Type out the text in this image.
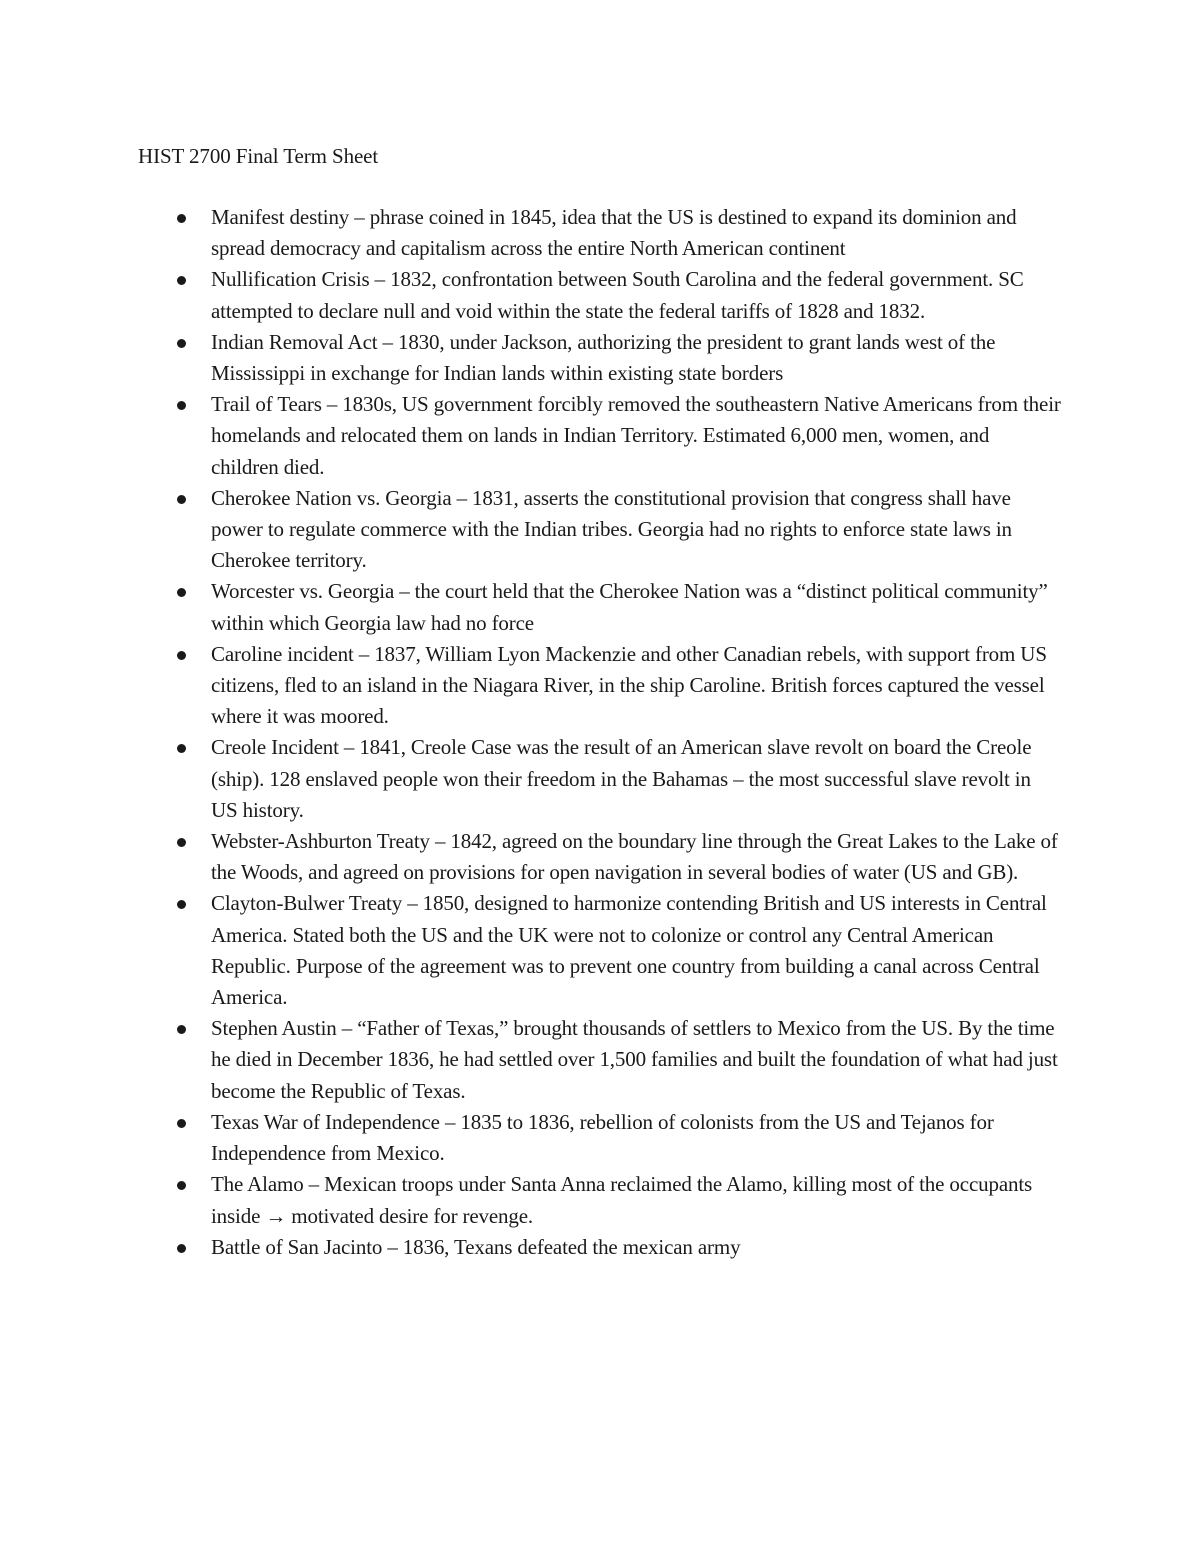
HIST 2700 Final Term Sheet
Manifest destiny – phrase coined in 1845, idea that the US is destined to expand its dominion and spread democracy and capitalism across the entire North American continent
Nullification Crisis – 1832, confrontation between South Carolina and the federal government. SC attempted to declare null and void within the state the federal tariffs of 1828 and 1832.
Indian Removal Act – 1830, under Jackson, authorizing the president to grant lands west of the Mississippi in exchange for Indian lands within existing state borders
Trail of Tears – 1830s, US government forcibly removed the southeastern Native Americans from their homelands and relocated them on lands in Indian Territory. Estimated 6,000 men, women, and children died.
Cherokee Nation vs. Georgia – 1831, asserts the constitutional provision that congress shall have power to regulate commerce with the Indian tribes. Georgia had no rights to enforce state laws in Cherokee territory.
Worcester vs. Georgia – the court held that the Cherokee Nation was a “distinct political community” within which Georgia law had no force
Caroline incident – 1837, William Lyon Mackenzie and other Canadian rebels, with support from US citizens, fled to an island in the Niagara River, in the ship Caroline. British forces captured the vessel where it was moored.
Creole Incident – 1841, Creole Case was the result of an American slave revolt on board the Creole (ship). 128 enslaved people won their freedom in the Bahamas – the most successful slave revolt in US history.
Webster-Ashburton Treaty – 1842, agreed on the boundary line through the Great Lakes to the Lake of the Woods, and agreed on provisions for open navigation in several bodies of water (US and GB).
Clayton-Bulwer Treaty – 1850, designed to harmonize contending British and US interests in Central America. Stated both the US and the UK were not to colonize or control any Central American Republic. Purpose of the agreement was to prevent one country from building a canal across Central America.
Stephen Austin – “Father of Texas,” brought thousands of settlers to Mexico from the US. By the time he died in December 1836, he had settled over 1,500 families and built the foundation of what had just become the Republic of Texas.
Texas War of Independence – 1835 to 1836, rebellion of colonists from the US and Tejanos for Independence from Mexico.
The Alamo – Mexican troops under Santa Anna reclaimed the Alamo, killing most of the occupants inside → motivated desire for revenge.
Battle of San Jacinto – 1836, Texans defeated the mexican army
